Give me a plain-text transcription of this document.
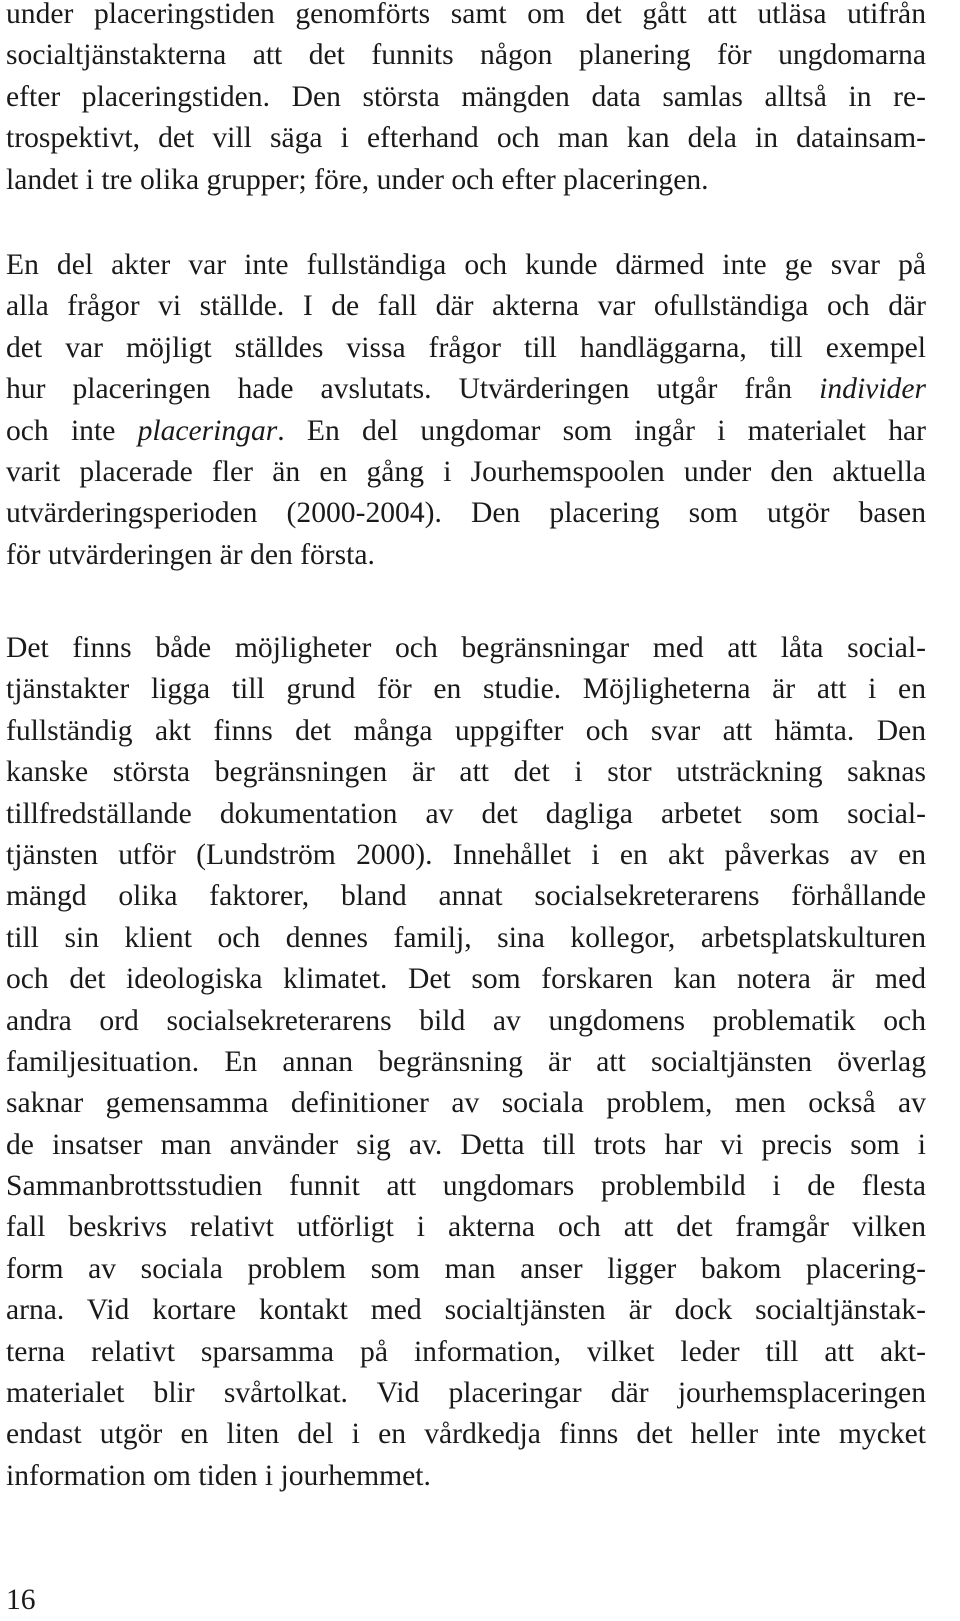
under placeringstiden genomförts samt om det gått att utläsa utifrån
socialtjänstakterna att det funnits någon planering för ungdomarna
efter placeringstiden. Den största mängden data samlas alltså in re-
trospektivt, det vill säga i efterhand och man kan dela in datainsam-
landet i tre olika grupper; före, under och efter placeringen.
En del akter var inte fullständiga och kunde därmed inte ge svar på
alla frågor vi ställde. I de fall där akterna var ofullständiga och där
det var möjligt ställdes vissa frågor till handläggarna, till exempel
hur placeringen hade avslutats. Utvärderingen utgår från individer
och inte placeringar. En del ungdomar som ingår i materialet har
varit placerade fler än en gång i Jourhemspoolen under den aktuella
utvärderingsperioden (2000-2004). Den placering som utgör basen
för utvärderingen är den första.
Det finns både möjligheter och begränsningar med att låta social-
tjänstakter ligga till grund för en studie. Möjligheterna är att i en
fullständig akt finns det många uppgifter och svar att hämta. Den
kanske största begränsningen är att det i stor utsträckning saknas
tillfredställande dokumentation av det dagliga arbetet som social-
tjänsten utför (Lundström 2000). Innehållet i en akt påverkas av en
mängd olika faktorer, bland annat socialsekreterarens förhållande
till sin klient och dennes familj, sina kollegor, arbetsplatskulturen
och det ideologiska klimatet. Det som forskaren kan notera är med
andra ord socialsekreterarens bild av ungdomens problematik och
familjesituation. En annan begränsning är att socialtjänsten överlag
saknar gemensamma definitioner av sociala problem, men också av
de insatser man använder sig av. Detta till trots har vi precis som i
Sammanbrottsstudien funnit att ungdomars problembild i de flesta
fall beskrivs relativt utförligt i akterna och att det framgår vilken
form av sociala problem som man anser ligger bakom placering-
arna. Vid kortare kontakt med socialtjänsten är dock socialtjänstak-
terna relativt sparsamma på information, vilket leder till att akt-
materialet blir svårtolkat. Vid placeringar där jourhemsplaceringen
endast utgör en liten del i en vårdkedja finns det heller inte mycket
information om tiden i jourhemmet.
16
